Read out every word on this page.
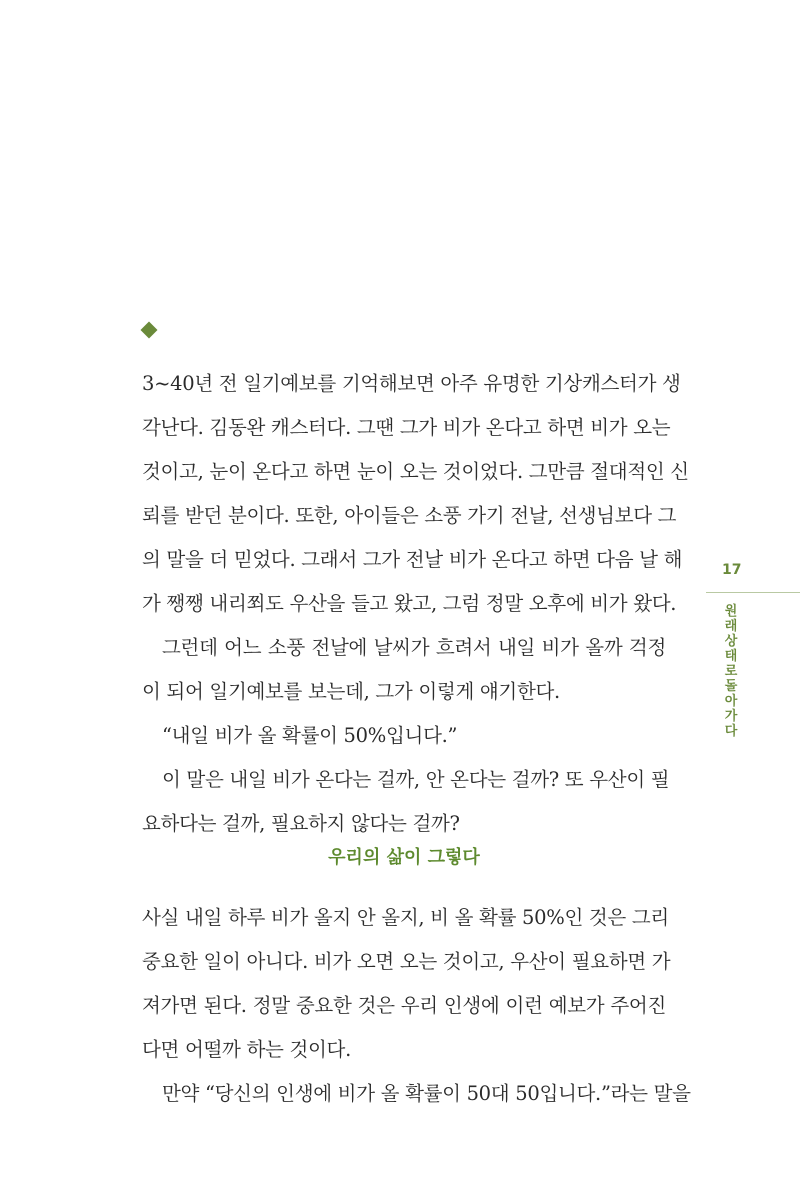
3~40년 전 일기예보를 기억해보면 아주 유명한 기상캐스터가 생
각난다. 김동완 캐스터다. 그땐 그가 비가 온다고 하면 비가 오는
것이고, 눈이 온다고 하면 눈이 오는 것이었다. 그만큼 절대적인 신
뢰를 받던 분이다. 또한, 아이들은 소풍 가기 전날, 선생님보다 그
의 말을 더 믿었다. 그래서 그가 전날 비가 온다고 하면 다음 날 해
가 쨍쨍 내리쬐도 우산을 들고 왔고, 그럼 정말 오후에 비가 왔다.
그런데 어느 소풍 전날에 날씨가 흐려서 내일 비가 올까 걱정
이 되어 일기예보를 보는데, 그가 이렇게 얘기한다.
“내일 비가 올 확률이 50%입니다.”
이 말은 내일 비가 온다는 걸까, 안 온다는 걸까? 또 우산이 필
요하다는 걸까, 필요하지 않다는 걸까?
우리의 삶이 그렇다
사실 내일 하루 비가 올지 안 올지, 비 올 확률 50%인 것은 그리
중요한 일이 아니다. 비가 오면 오는 것이고, 우산이 필요하면 가
져가면 된다. 정말 중요한 것은 우리 인생에 이런 예보가 주어진
다면 어떨까 하는 것이다.
만약 “당신의 인생에 비가 올 확률이 50대 50입니다.”라는 말을
17
원래 상태로 돌아가다
